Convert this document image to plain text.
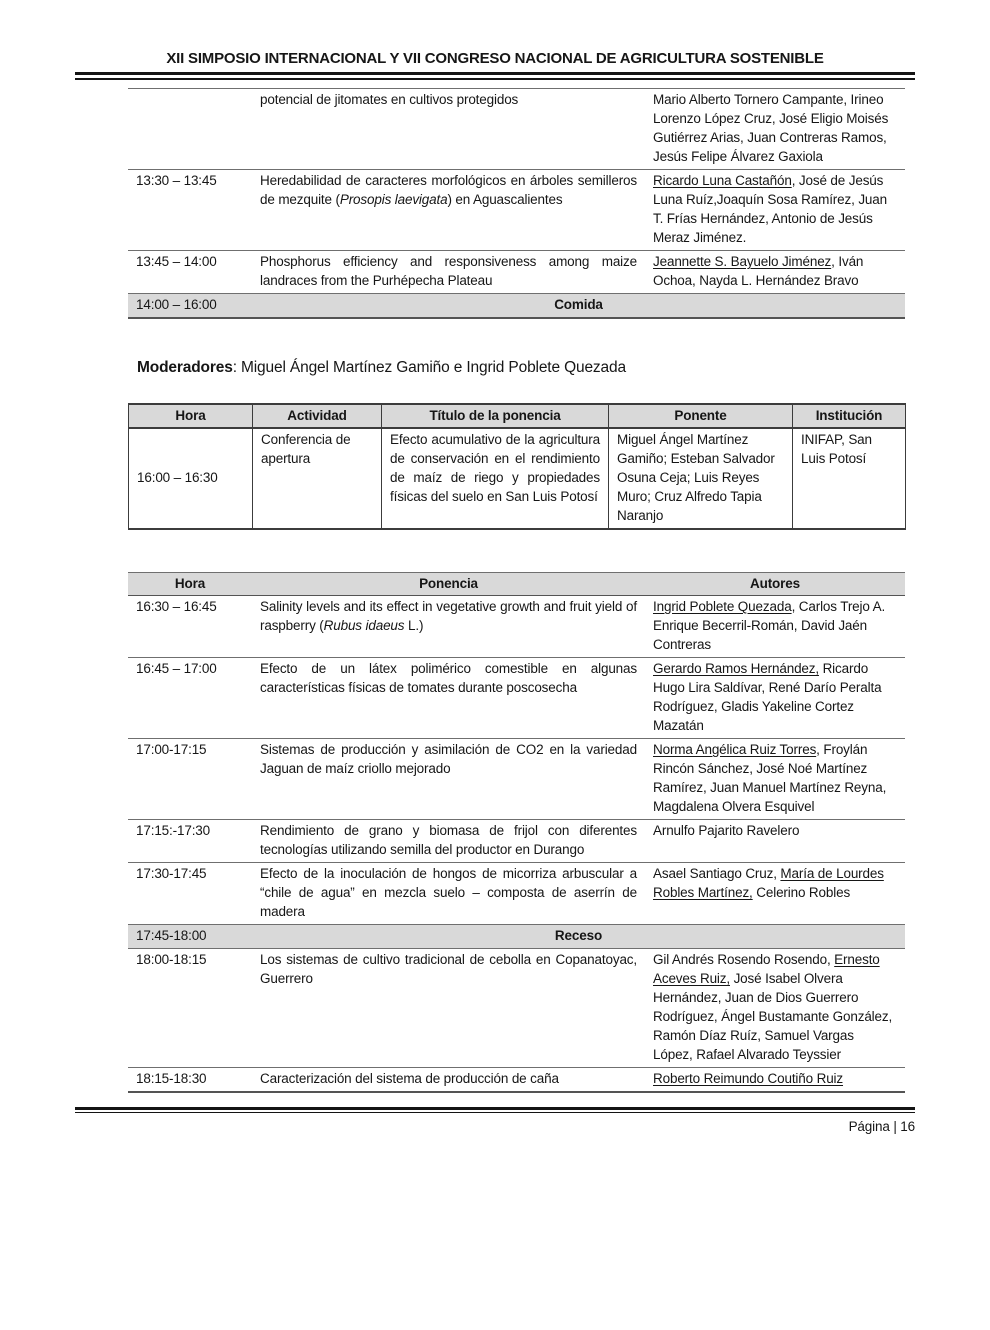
XII SIMPOSIO INTERNACIONAL Y VII CONGRESO NACIONAL DE AGRICULTURA SOSTENIBLE
	potencial de jitomates en cultivos protegidos	Mario Alberto Tornero Campante, Irineo Lorenzo López Cruz, José Eligio Moisés Gutiérrez Arias, Juan Contreras Ramos, Jesús Felipe Álvarez Gaxiola
13:30 – 13:45	Heredabilidad de caracteres morfológicos en árboles semilleros de mezquite (Prosopis laevigata) en Aguascalientes	Ricardo Luna Castañón, José de Jesús Luna Ruíz,Joaquín Sosa Ramírez, Juan T. Frías Hernández, Antonio de Jesús Meraz Jiménez.
13:45 – 14:00	Phosphorus efficiency and responsiveness among maize landraces from the Purhépecha Plateau	Jeannette S. Bayuelo Jiménez, Iván Ochoa, Nayda L. Hernández Bravo
14:00 – 16:00	Comida	
Moderadores: Miguel Ángel Martínez Gamiño e Ingrid Poblete Quezada
Hora	Actividad	Título de la ponencia	Ponente	Institución
16:00 – 16:30	Conferencia de apertura	Efecto acumulativo de la agricultura de conservación en el rendimiento de maíz de riego y propiedades físicas del suelo en San Luis Potosí	Miguel Ángel Martínez Gamiño; Esteban Salvador Osuna Ceja; Luis Reyes Muro; Cruz Alfredo Tapia Naranjo	INIFAP, San Luis Potosí
Hora	Ponencia	Autores
16:30 – 16:45	Salinity levels and its effect in vegetative growth and fruit yield of raspberry (Rubus idaeus L.)	Ingrid Poblete Quezada, Carlos Trejo A. Enrique Becerril-Román, David Jaén Contreras
16:45 – 17:00	Efecto de un látex polimérico comestible en algunas características físicas de tomates durante poscosecha	Gerardo Ramos Hernández, Ricardo Hugo Lira Saldívar, René Darío Peralta Rodríguez, Gladis Yakeline Cortez Mazatán
17:00-17:15	Sistemas de producción y asimilación de CO2 en la variedad Jaguan de maíz criollo mejorado	Norma Angélica Ruiz Torres, Froylán Rincón Sánchez, José Noé Martínez Ramírez, Juan Manuel Martínez Reyna, Magdalena Olvera Esquivel
17:15:-17:30	Rendimiento de grano y biomasa de frijol con diferentes tecnologías utilizando semilla del productor en Durango	Arnulfo Pajarito Ravelero
17:30-17:45	Efecto de la inoculación de hongos de micorriza arbuscular a “chile de agua” en mezcla suelo – composta de aserrín de madera	Asael Santiago Cruz, María de Lourdes Robles Martínez, Celerino Robles
17:45-18:00	Receso	
18:00-18:15	Los sistemas de cultivo tradicional de cebolla en Copanatoyac, Guerrero	Gil Andrés Rosendo Rosendo, Ernesto Aceves Ruiz, José Isabel Olvera Hernández, Juan de Dios Guerrero Rodríguez, Ángel Bustamante González, Ramón Díaz Ruíz, Samuel Vargas López, Rafael Alvarado Teyssier
18:15-18:30	Caracterización del sistema de producción de caña	Roberto Reimundo Coutiño Ruiz
Página | 16
